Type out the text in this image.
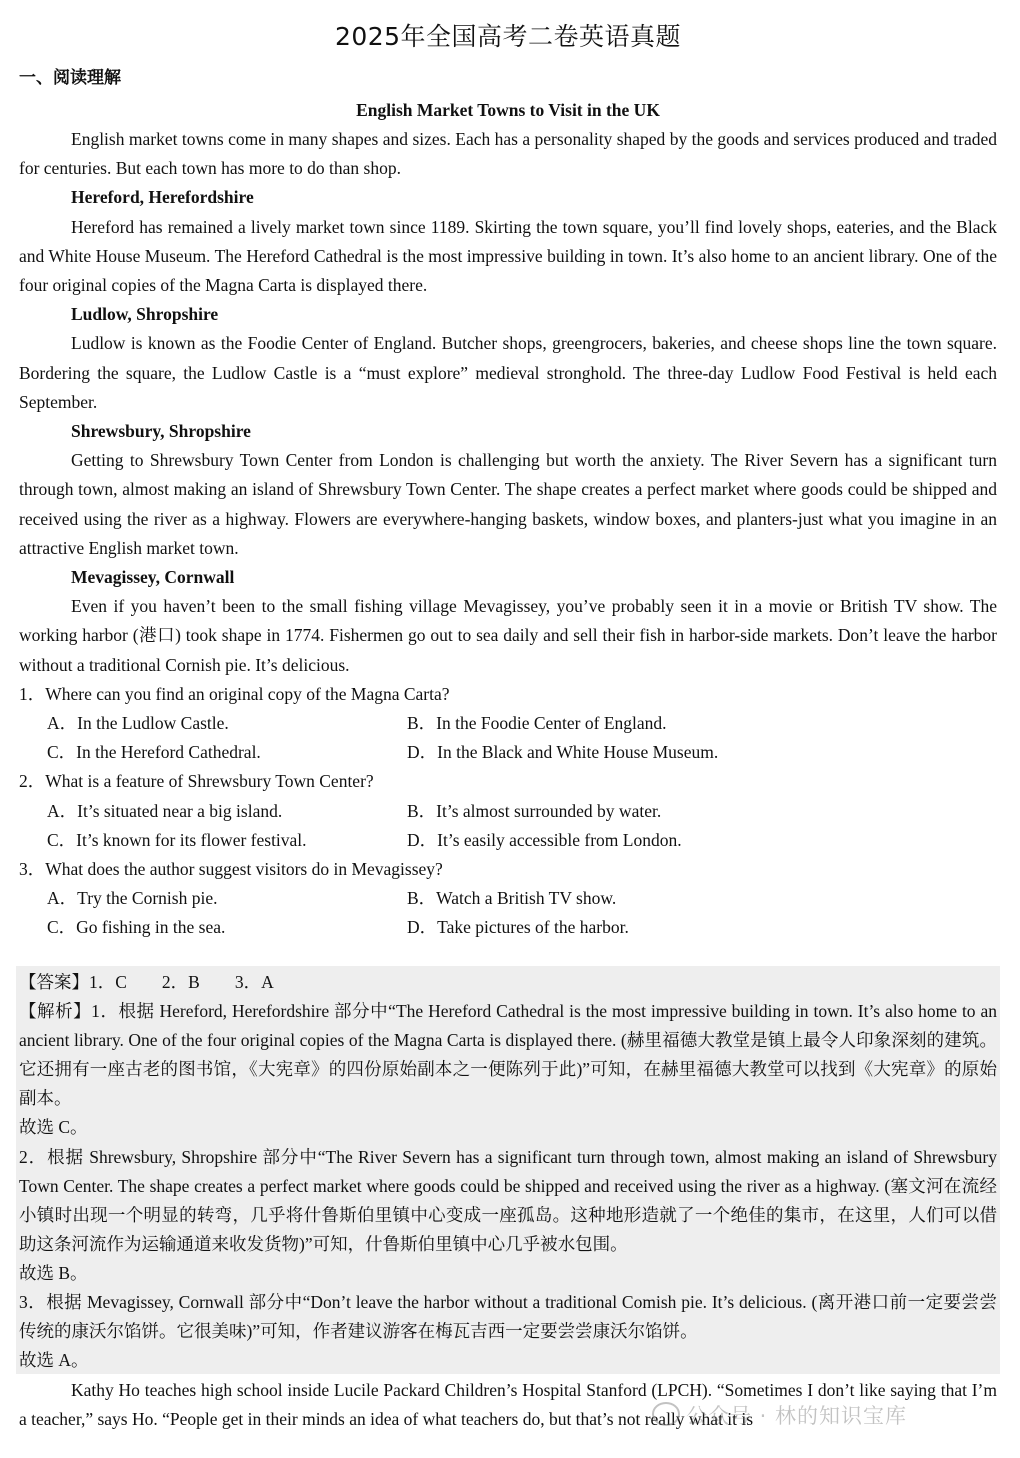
2025年全国高考二卷英语真题
一、阅读理解
English Market Towns to Visit in the UK

English market towns come in many shapes and sizes. Each has a personality shaped by the goods and services produced and traded for centuries. But each town has more to do than shop.

Hereford, Herefordshire

Hereford has remained a lively market town since 1189. Skirting the town square, you’ll find lovely shops, eateries, and the Black and White House Museum. The Hereford Cathedral is the most impressive building in town. It’s also home to an ancient library. One of the four original copies of the Magna Carta is displayed there.

Ludlow, Shropshire

Ludlow is known as the Foodie Center of England. Butcher shops, greengrocers, bakeries, and cheese shops line the town square. Bordering the square, the Ludlow Castle is a “must explore” medieval stronghold. The three-day Ludlow Food Festival is held each September.

Shrewsbury, Shropshire

Getting to Shrewsbury Town Center from London is challenging but worth the anxiety. The River Severn has a significant turn through town, almost making an island of Shrewsbury Town Center. The shape creates a perfect market where goods could be shipped and received using the river as a highway. Flowers are everywhere-hanging baskets, window boxes, and planters-just what you imagine in an attractive English market town.

Mevagissey, Cornwall

Even if you haven’t been to the small fishing village Mevagissey, you’ve probably seen it in a movie or British TV show. The working harbor (港口) took shape in 1774. Fishermen go out to sea daily and sell their fish in harbor-side markets. Don’t leave the harbor without a traditional Cornish pie. It’s delicious.

1．Where can you find an original copy of the Magna Carta?
A．In the Ludlow Castle.	B．In the Foodie Center of England.
C．In the Hereford Cathedral.	D．In the Black and White House Museum.
2．What is a feature of Shrewsbury Town Center?
A．It’s situated near a big island.	B．It’s almost surrounded by water.
C．It’s known for its flower festival.	D．It’s easily accessible from London.
3．What does the author suggest visitors do in Mevagissey?
A．Try the Cornish pie.	B．Watch a British TV show.
C．Go fishing in the sea.	D．Take pictures of the harbor.

【答案】1．C　　2．B　　3．A

【解析】1．根据 Hereford, Herefordshire 部分中“The Hereford Cathedral is the most impressive building in town. It’s also home to an ancient library. One of the four original copies of the Magna Carta is displayed there. (赫里福德大教堂是镇上最令人印象深刻的建筑。它还拥有一座古老的图书馆，《大宪章》的四份原始副本之一便陈列于此)”可知，在赫里福德大教堂可以找到《大宪章》的原始副本。

故选 C。

2．根据 Shrewsbury, Shropshire 部分中“The River Severn has a significant turn through town, almost making an island of Shrewsbury Town Center. The shape creates a perfect market where goods could be shipped and received using the river as a highway. (塞文河在流经小镇时出现一个明显的转弯，几乎将什鲁斯伯里镇中心变成一座孤岛。这种地形造就了一个绝佳的集市，在这里，人们可以借助这条河流作为运输通道来收发货物)”可知，什鲁斯伯里镇中心几乎被水包围。

故选 B。

3．根据 Mevagissey, Cornwall 部分中“Don’t leave the harbor without a traditional Comish pie. It’s delicious. (离开港口前一定要尝尝传统的康沃尔馅饼。它很美味)”可知，作者建议游客在梅瓦吉西一定要尝尝康沃尔馅饼。

故选 A。

Kathy Ho teaches high school inside Lucile Packard Children’s Hospital Stanford (LPCH). “Sometimes I don’t like saying that I’m a teacher,” says Ho. “People get in their minds an idea of what teachers do, but that’s not really what it is

公众号 · 林的知识宝库
